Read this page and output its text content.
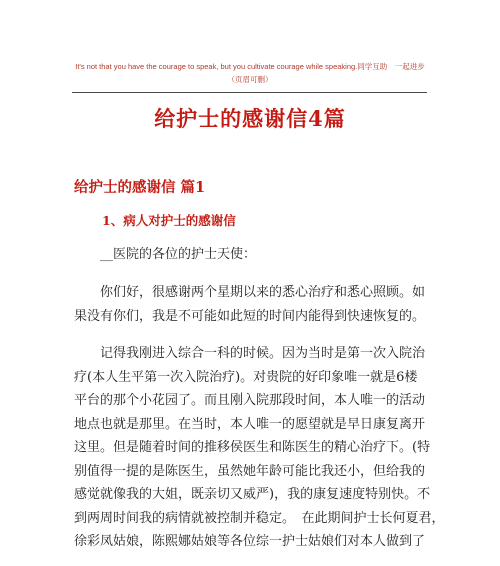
It's not that you have the courage to speak, but you cultivate courage while speaking.同学互助　一起进步（页眉可删）
给护士的感谢信4篇
给护士的感谢信 篇1
1、病人对护士的感谢信

__医院的各位的护士天使：

你们好，很感谢两个星期以来的悉心治疗和悉心照顾。如
果没有你们，我是不可能如此短的时间内能得到快速恢复的。

记得我刚进入综合一科的时候。因为当时是第一次入院治
疗(本人生平第一次入院治疗)。对贵院的好印象唯一就是6楼
平台的那个小花园了。而且刚入院那段时间，本人唯一的活动
地点也就是那里。在当时，本人唯一的愿望就是早日康复离开
这里。但是随着时间的推移侯医生和陈医生的精心治疗下。(特
别值得一提的是陈医生，虽然她年龄可能比我还小，但给我的
感觉就像我的大姐，既亲切又威严)，我的康复速度特别快。不
到两周时间我的病情就被控制并稳定。　在此期间护士长何夏君，
徐彩凤姑娘，陈熙娜姑娘等各位综一护士姑娘们对本人做到了
